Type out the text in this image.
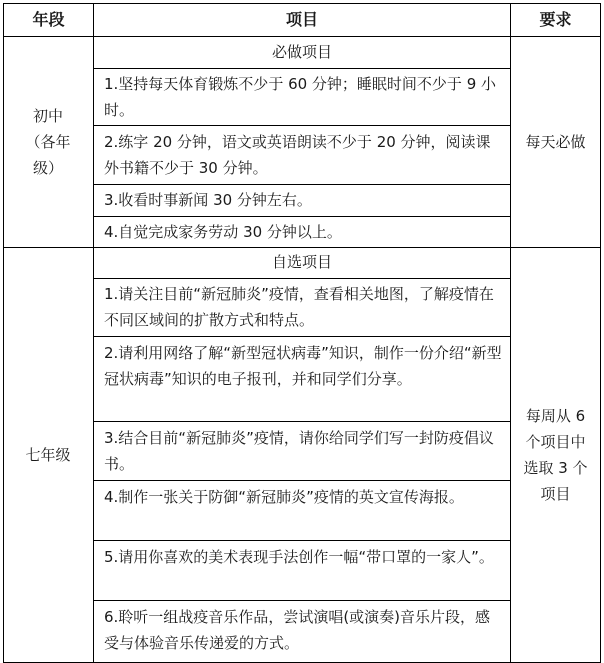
年段	项目	要求
初中
（各年
级）
必做项目
1.坚持每天体育锻炼不少于 60 分钟；睡眠时间不少于 9 小时。
2.练字 20 分钟，语文或英语朗读不少于 20 分钟，阅读课外书籍不少于 30 分钟。
3.收看时事新闻 30 分钟左右。
4.自觉完成家务劳动 30 分钟以上。
每天必做
七年级
自选项目
1.请关注目前“新冠肺炎”疫情，查看相关地图，了解疫情在不同区域间的扩散方式和特点。
2.请利用网络了解“新型冠状病毒”知识，制作一份介绍“新型冠状病毒”知识的电子报刊，并和同学们分享。
3.结合目前“新冠肺炎”疫情，请你给同学们写一封防疫倡议书。
4.制作一张关于防御“新冠肺炎”疫情的英文宣传海报。
5.请用你喜欢的美术表现手法创作一幅“带口罩的一家人”。
6.聆听一组战疫音乐作品，尝试演唱(或演奏)音乐片段，感受与体验音乐传递爱的方式。
每周从 6
个项目中
选取 3 个
项目
